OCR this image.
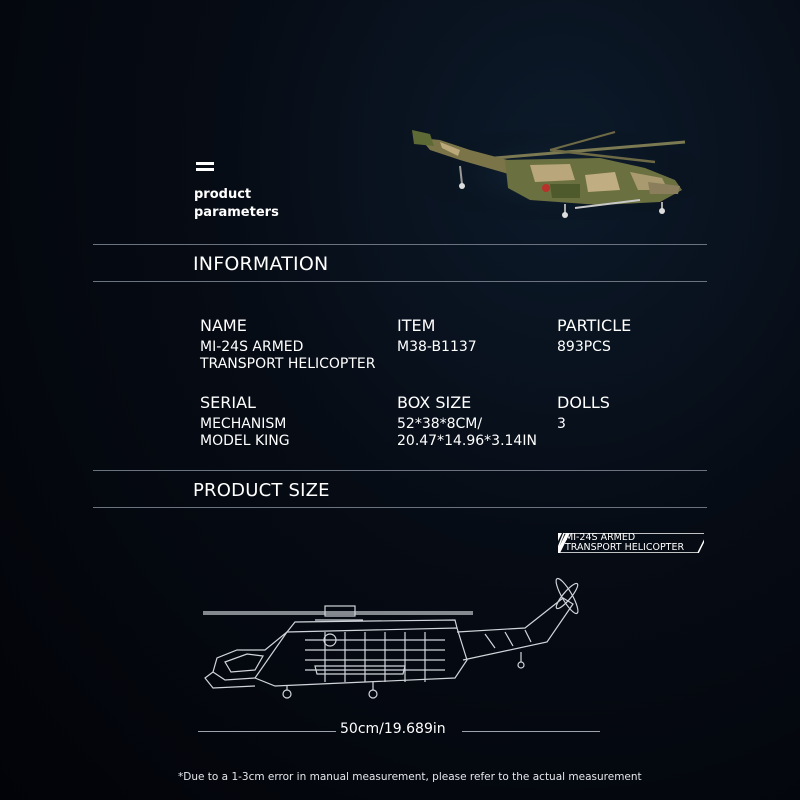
product
parameters
INFORMATION
NAME
MI-24S ARMED
TRANSPORT HELICOPTER
ITEM
M38-B1137
PARTICLE
893PCS
SERIAL
MECHANISM
MODEL KING
BOX SIZE
52*38*8CM/
20.47*14.96*3.14IN
DOLLS
3
PRODUCT SIZE
MI-24S ARMED
TRANSPORT HELICOPTER
50cm/19.689in
*Due to a 1-3cm error in manual measurement, please refer to the actual measurement
